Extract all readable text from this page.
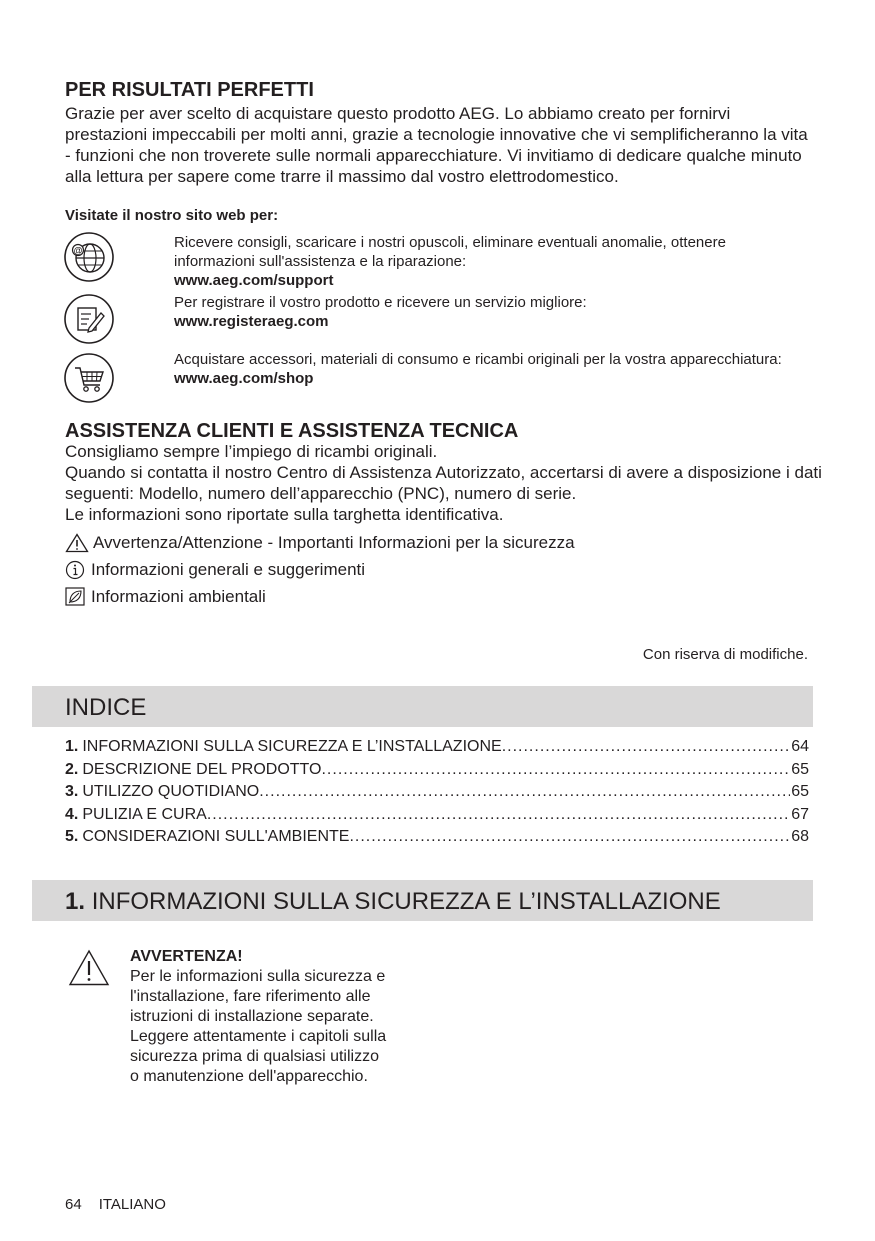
PER RISULTATI PERFETTI

Grazie per aver scelto di acquistare questo prodotto AEG. Lo abbiamo creato per fornirvi prestazioni impeccabili per molti anni, grazie a tecnologie innovative che vi semplificheranno la vita - funzioni che non troverete sulle normali apparecchiature. Vi invitiamo di dedicare qualche minuto alla lettura per sapere come trarre il massimo dal vostro elettrodomestico.

Visitate il nostro sito web per:
@	Ricevere consigli, scaricare i nostri opuscoli, eliminare eventuali anomalie, ottenere informazioni sull'assistenza e la riparazione:
www.aeg.com/support
Per registrare il vostro prodotto e ricevere un servizio migliore:
www.registeraeg.com
Acquistare accessori, materiali di consumo e ricambi originali per la vostra apparecchiatura:
www.aeg.com/shop
ASSISTENZA CLIENTI E ASSISTENZA TECNICA

Consigliamo sempre l’impiego di ricambi originali.

Quando si contatta il nostro Centro di Assistenza Autorizzato, accertarsi di avere a disposizione i dati seguenti: Modello, numero dell’apparecchio (PNC), numero di serie.

Le informazioni sono riportate sulla targhetta identificativa.

Avvertenza/Attenzione - Importanti Informazioni per la sicurezza
Informazioni generali e suggerimenti
Informazioni ambientali
Con riserva di modifiche.
INDICE
1. INFORMAZIONI SULLA SICUREZZA E L’INSTALLAZIONE .....	64
2. DESCRIZIONE DEL PRODOTTO .....	65
3. UTILIZZO QUOTIDIANO .....	65
4. PULIZIA E CURA .....	67
5. CONSIDERAZIONI SULL'AMBIENTE .....	68
1. INFORMAZIONI SULLA SICUREZZA E L’INSTALLAZIONE
AVVERTENZA!
Per le informazioni sulla sicurezza e l'installazione, fare riferimento alle istruzioni di installazione separate. Leggere attentamente i capitoli sulla sicurezza prima di qualsiasi utilizzo o manutenzione dell'apparecchio.
64 ITALIANO
